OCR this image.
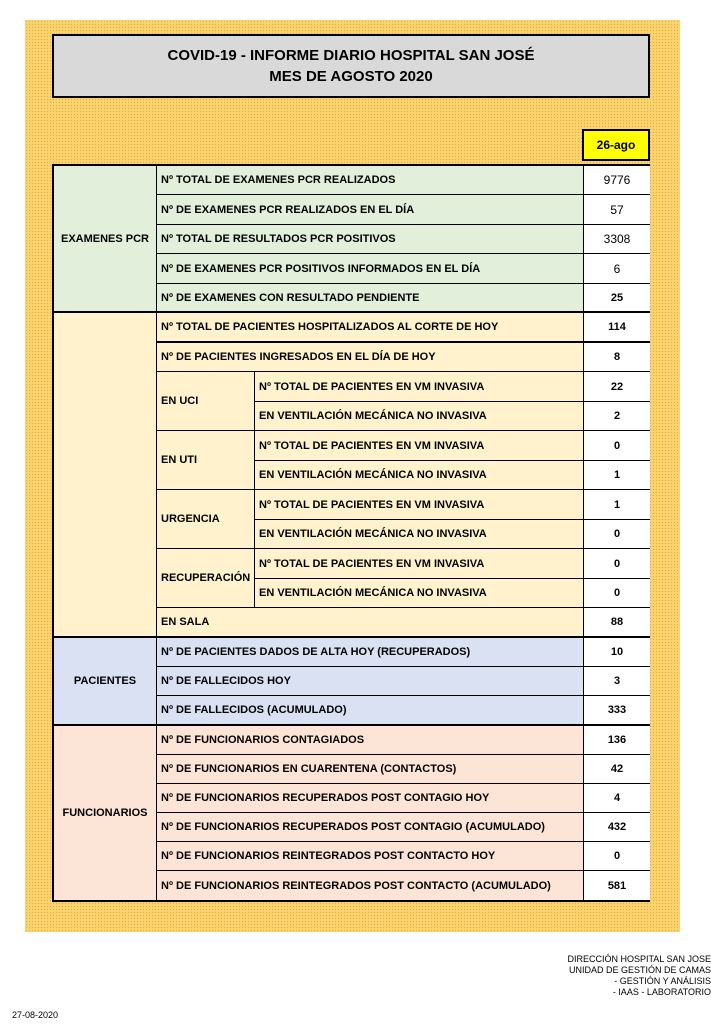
COVID-19 - INFORME DIARIO HOSPITAL SAN JOSÉ
MES DE AGOSTO 2020
26-ago
EXAMENES PCR
Nº TOTAL DE EXAMENES PCR REALIZADOS	9776
Nº DE EXAMENES PCR REALIZADOS EN EL DÍA	57
Nº TOTAL DE RESULTADOS PCR POSITIVOS	3308
Nº DE EXAMENES PCR POSITIVOS INFORMADOS EN EL DÍA	6
Nº DE EXAMENES CON RESULTADO PENDIENTE	25
Nº TOTAL DE PACIENTES HOSPITALIZADOS AL CORTE DE HOY	114
Nº DE PACIENTES INGRESADOS EN EL DÍA DE HOY	8
EN UCI
Nº TOTAL DE PACIENTES EN VM INVASIVA	22
EN VENTILACIÓN MECÁNICA NO INVASIVA	2
EN UTI
Nº TOTAL DE PACIENTES EN VM INVASIVA	0
EN VENTILACIÓN MECÁNICA NO INVASIVA	1
URGENCIA
Nº TOTAL DE PACIENTES EN VM INVASIVA	1
EN VENTILACIÓN MECÁNICA NO INVASIVA	0
RECUPERACIÓN
Nº TOTAL DE PACIENTES EN VM INVASIVA	0
EN VENTILACIÓN MECÁNICA NO INVASIVA	0
EN SALA	88
PACIENTES
Nº DE PACIENTES DADOS DE ALTA HOY (RECUPERADOS)	10
Nº DE FALLECIDOS HOY	3
Nº DE FALLECIDOS (ACUMULADO)	333
FUNCIONARIOS
Nº DE FUNCIONARIOS CONTAGIADOS	136
Nº DE FUNCIONARIOS EN CUARENTENA (CONTACTOS)	42
Nº DE FUNCIONARIOS RECUPERADOS POST CONTAGIO HOY	4
Nº DE FUNCIONARIOS RECUPERADOS POST CONTAGIO (ACUMULADO)	432
Nº DE FUNCIONARIOS REINTEGRADOS POST CONTACTO HOY	0
Nº DE FUNCIONARIOS REINTEGRADOS POST CONTACTO (ACUMULADO)	581
DIRECCIÓN HOSPITAL SAN JOSE
UNIDAD DE GESTIÓN DE CAMAS
- GESTIÓN Y ANÁLISIS
- IAAS - LABORATORIO
27-08-2020
